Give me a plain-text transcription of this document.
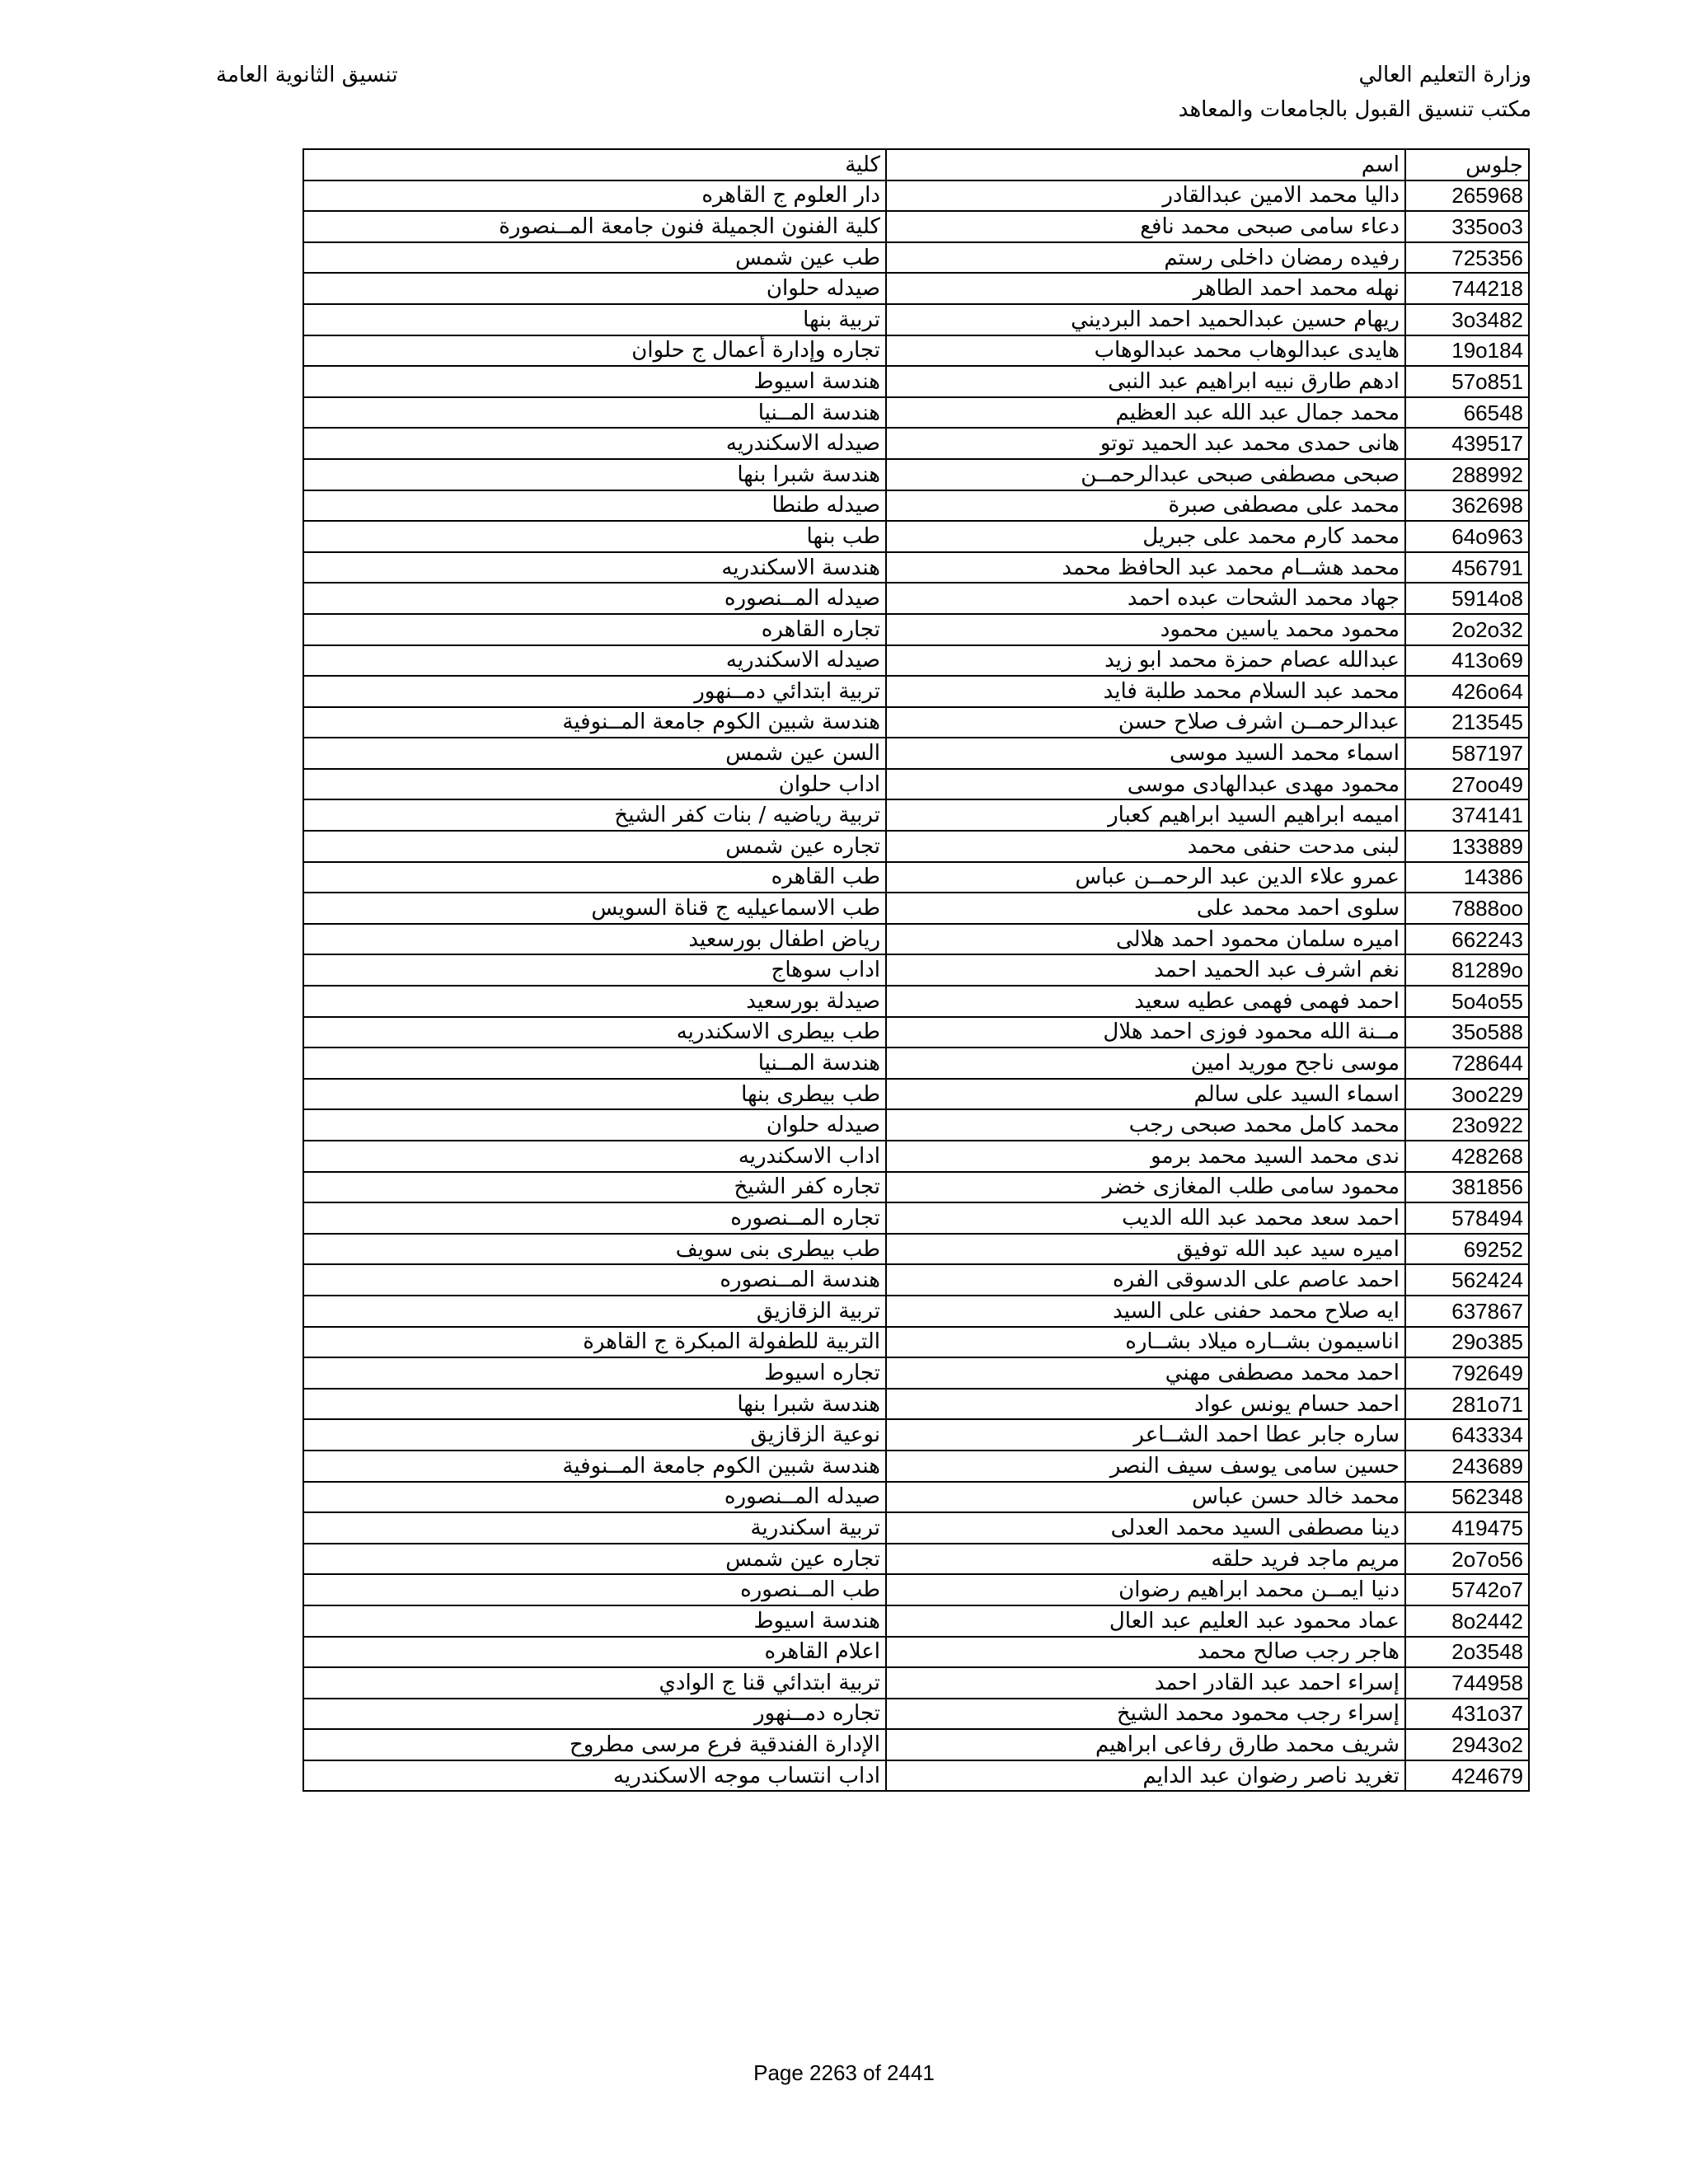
وزارة التعليم العالي
مكتب تنسيق القبول بالجامعات والمعاهد
تنسيق الثانوية العامة
جلوس	اسم	كلية
265968	داليا محمد الامين عبدالقادر	دار العلوم ج القاهره
335oo3	دعاء سامى صبحى محمد نافع	كلية الفنون الجميلة فنون جامعة المــنصورة
725356	رفيده رمضان داخلى رستم	طب عين شمس
744218	نهله محمد احمد الطاهر	صيدله حلوان
3o3482	ريهام حسين عبدالحميد احمد البرديني	تربية بنها
19o184	هايدى عبدالوهاب محمد عبدالوهاب	تجاره وإدارة أعمال ج حلوان
57o851	ادهم طارق نبيه ابراهيم عبد النبى	هندسة اسيوط
66548	محمد جمال عبد الله عبد العظيم	هندسة المــنيا
439517	هانى حمدى محمد عبد الحميد توتو	صيدله الاسكندريه
288992	صبحى مصطفى صبحى عبدالرحمــن	هندسة شبرا بنها
362698	محمد على مصطفى صبرة	صيدله طنطا
64o963	محمد كارم محمد على جبريل	طب بنها
456791	محمد هشــام محمد عبد الحافظ محمد	هندسة الاسكندريه
5914o8	جهاد محمد الشحات عبده احمد	صيدله المــنصوره
2o2o32	محمود محمد ياسين محمود	تجاره القاهره
413o69	عبدالله عصام حمزة محمد ابو زيد	صيدله الاسكندريه
426o64	محمد عبد السلام محمد طلبة فايد	تربية ابتدائي دمــنهور
213545	عبدالرحمــن اشرف صلاح حسن	هندسة شبين الكوم جامعة المــنوفية
587197	اسماء محمد السيد موسى	السن عين شمس
27oo49	محمود مهدى عبدالهادى موسى	اداب حلوان
374141	اميمه ابراهيم السيد ابراهيم كعبار	تربية رياضيه / بنات كفر الشيخ
133889	لبنى مدحت حنفى محمد	تجاره عين شمس
14386	عمرو علاء الدين عبد الرحمــن عباس	طب القاهره
7888oo	سلوى احمد محمد على	طب الاسماعيليه ج قناة السويس
662243	اميره سلمان محمود احمد هلالى	رياض اطفال بورسعيد
81289o	نغم اشرف عبد الحميد احمد	اداب سوهاج
5o4o55	احمد فهمى فهمى عطيه سعيد	صيدلة بورسعيد
35o588	مــنة الله محمود فوزى احمد هلال	طب بيطرى الاسكندريه
728644	موسى ناجح موريد امين	هندسة المــنيا
3oo229	اسماء السيد على سالم	طب بيطرى بنها
23o922	محمد كامل محمد صبحى رجب	صيدله حلوان
428268	ندى محمد السيد محمد برمو	اداب الاسكندريه
381856	محمود سامى طلب المغازى خضر	تجاره كفر الشيخ
578494	احمد سعد محمد عبد الله الديب	تجاره المــنصوره
69252	اميره سيد عبد الله توفيق	طب بيطرى بنى سويف
562424	احمد عاصم على الدسوقى الفره	هندسة المــنصوره
637867	ايه صلاح محمد حفنى على السيد	تربية الزقازيق
29o385	اناسيمون بشــاره ميلاد بشــاره	التربية للطفولة المبكرة ج القاهرة
792649	احمد محمد مصطفى مهني	تجاره اسيوط
281o71	احمد حسام يونس عواد	هندسة شبرا بنها
643334	ساره جابر عطا احمد الشــاعر	نوعية الزقازيق
243689	حسين سامى يوسف سيف النصر	هندسة شبين الكوم جامعة المــنوفية
562348	محمد خالد حسن عباس	صيدله المــنصوره
419475	دينا مصطفى السيد محمد العدلى	تربية اسكندرية
2o7o56	مريم ماجد فريد حلقه	تجاره عين شمس
5742o7	دنيا ايمــن محمد ابراهيم رضوان	طب المــنصوره
8o2442	عماد محمود عبد العليم عبد العال	هندسة اسيوط
2o3548	هاجر رجب صالح محمد	اعلام القاهره
744958	إسراء احمد عبد القادر احمد	تربية ابتدائي قنا ج الوادي
431o37	إسراء رجب محمود محمد الشيخ	تجاره دمــنهور
2943o2	شريف محمد طارق رفاعى ابراهيم	الإدارة الفندقية فرع مرسى مطروح
424679	تغريد ناصر رضوان عبد الدايم	اداب انتساب موجه الاسكندريه
Page 2263 of 2441
